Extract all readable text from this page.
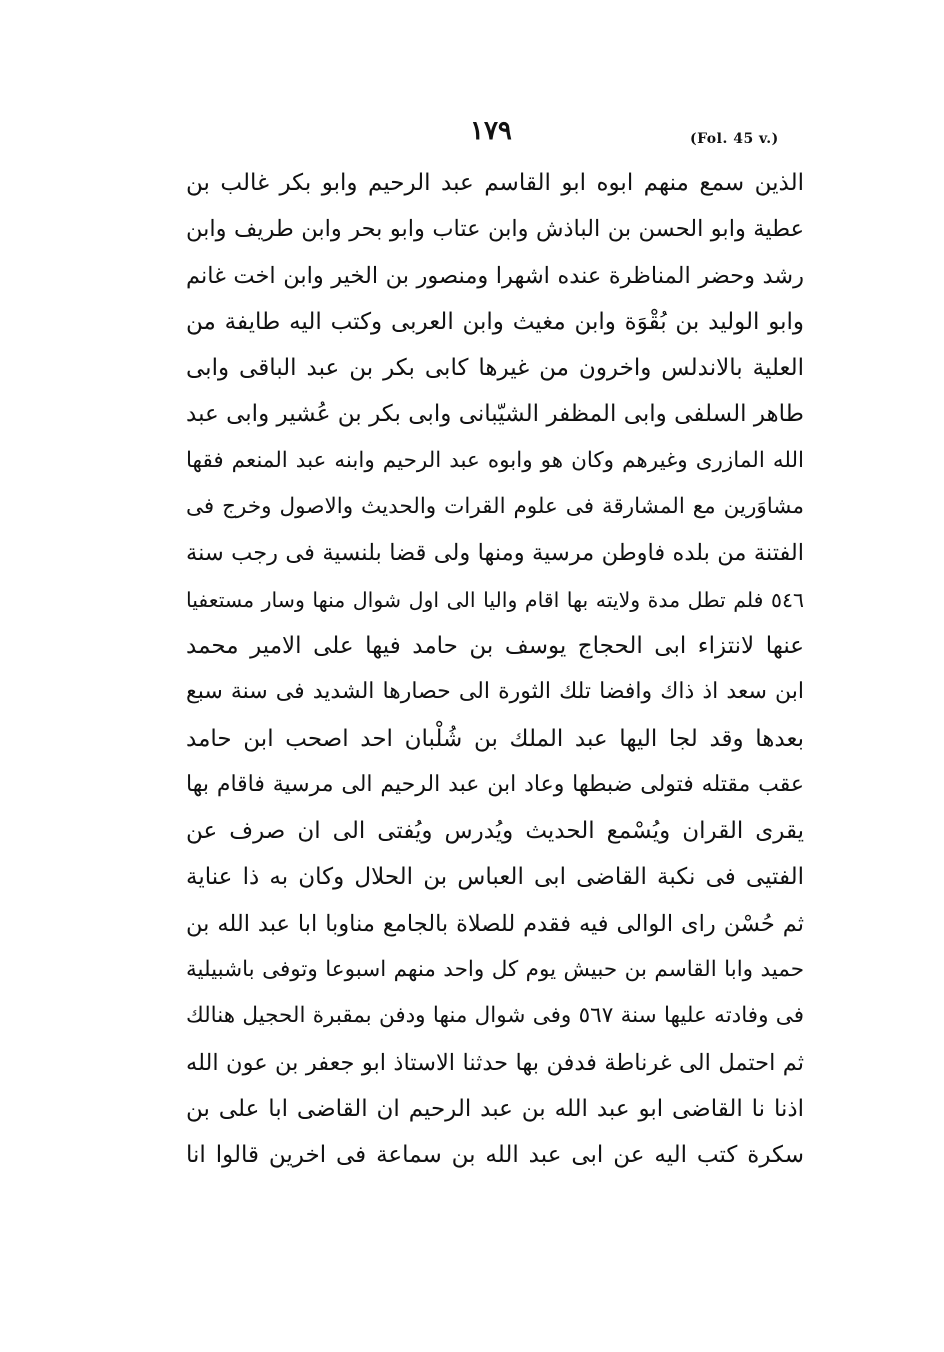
١٧٩	(Fol. 45 v.)
الذين سمع منهم ابوه ابو القاسم عبد الرحيم وابو بكر غالب بن
عطية وابو الحسن بن الباذش وابن عتاب وابو بحر وابن طريف وابن
رشد وحضر المناظرة عنده اشهرا ومنصور بن الخير وابن اخت غانم
وابو الوليد بن بُقْوَة وابن مغيث وابن العربى وكتب اليه طايفة من
العلية بالاندلس واخرون من غيرها كابى بكر بن عبد الباقى وابى
طاهر السلفى وابى المظفر الشيّبانى وابى بكر بن عُشير وابى عبد
الله المازرى وغيرهم وكان هو وابوه عبد الرحيم وابنه عبد المنعم فقها
مشاوَرين مع المشارقة فى علوم القرات والحديث والاصول وخرج فى
الفتنة من بلده فاوطن مرسية ومنها ولى قضا بلنسية فى رجب سنة
٥٤٦ فلم تطل مدة ولايته بها اقام واليا الى اول شوال منها وسار مستعفيا
عنها لانتزاء ابى الحجاج يوسف بن حامد فيها على الامير محمد
ابن سعد اذ ذاك وافضا تلك الثورة الى حصارها الشديد فى سنة سبع
بعدها وقد لجا اليها عبد الملك بن شُلْبان احد اصحب ابن حامد
عقب مقتله فتولى ضبطها وعاد ابن عبد الرحيم الى مرسية فاقام بها
يقرى القران ويُسْمع الحديث ويُدرس ويُفتى الى ان صرف عن
الفتيى فى نكبة القاضى ابى العباس بن الحلال وكان به ذا عناية
ثم حُسْن راى الوالى فيه فقدم للصلاة بالجامع مناوبا ابا عبد الله بن
حميد وابا القاسم بن حبيش يوم كل واحد منهم اسبوعا وتوفى باشبيلية
فى وفادته عليها سنة ٥٦٧ وفى شوال منها ودفن بمقبرة الحجيل هنالك
ثم احتمل الى غرناطة فدفن بها حدثنا الاستاذ ابو جعفر بن عون الله
اذنا نا القاضى ابو عبد الله بن عبد الرحيم ان القاضى ابا على بن
سكرة كتب اليه عن ابى عبد الله بن سماعة فى اخرين قالوا انا
